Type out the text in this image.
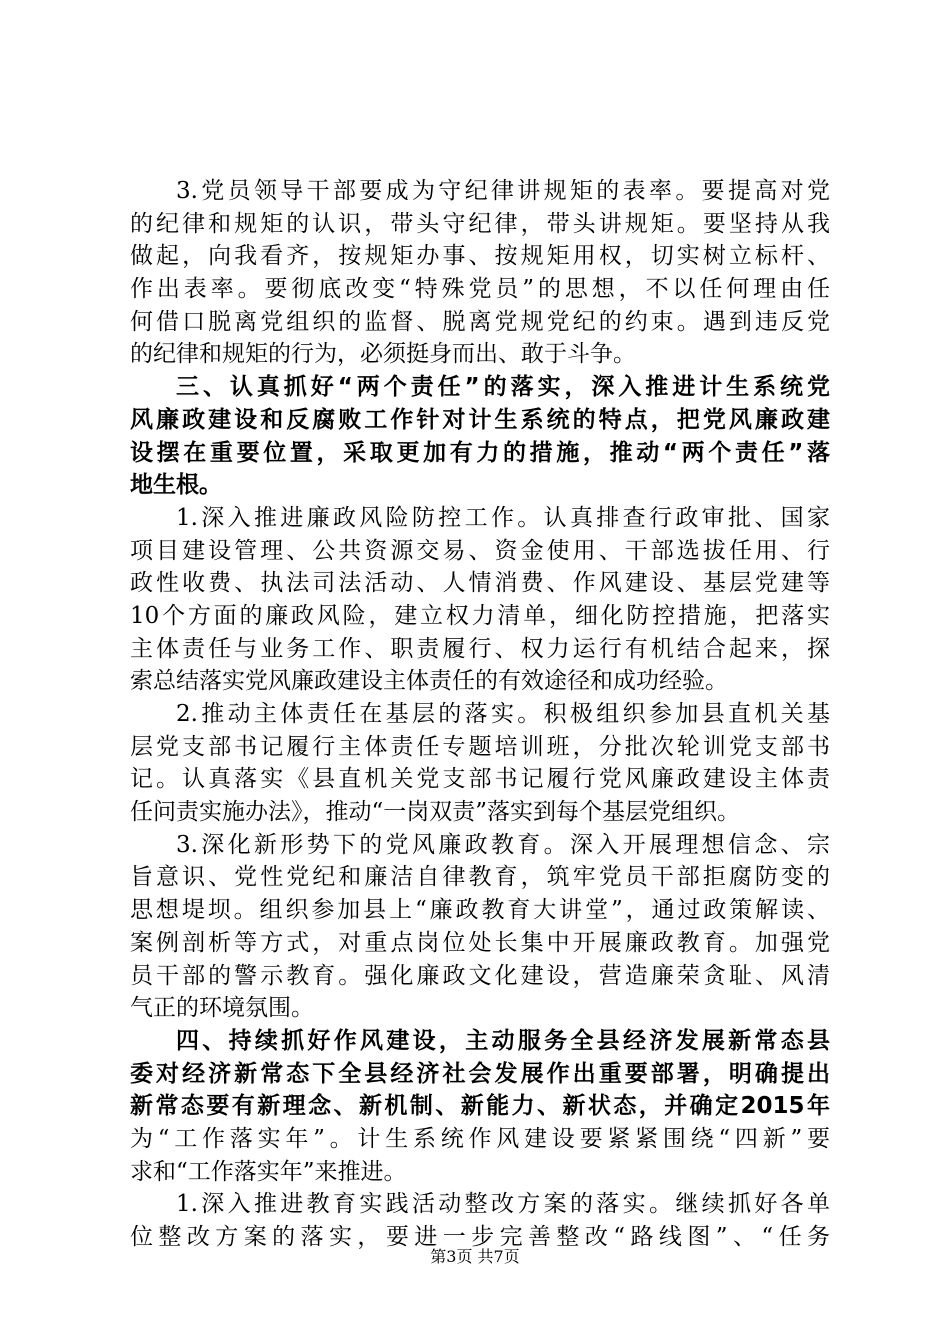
3.党员领导干部要成为守纪律讲规矩的表率。要提高对党
的纪律和规矩的认识，带头守纪律，带头讲规矩。要坚持从我
做起，向我看齐，按规矩办事、按规矩用权，切实树立标杆、
作出表率。要彻底改变“特殊党员”的思想，不以任何理由任
何借口脱离党组织的监督、脱离党规党纪的约束。遇到违反党
的纪律和规矩的行为，必须挺身而出、敢于斗争。
三、认真抓好“两个责任”的落实，深入推进计生系统党
风廉政建设和反腐败工作针对计生系统的特点，把党风廉政建
设摆在重要位置，采取更加有力的措施，推动“两个责任”落
地生根。
1.深入推进廉政风险防控工作。认真排查行政审批、国家
项目建设管理、公共资源交易、资金使用、干部选拔任用、行
政性收费、执法司法活动、人情消费、作风建设、基层党建等
10个方面的廉政风险，建立权力清单，细化防控措施，把落实
主体责任与业务工作、职责履行、权力运行有机结合起来，探
索总结落实党风廉政建设主体责任的有效途径和成功经验。
2.推动主体责任在基层的落实。积极组织参加县直机关基
层党支部书记履行主体责任专题培训班，分批次轮训党支部书
记。认真落实《县直机关党支部书记履行党风廉政建设主体责
任问责实施办法》，推动“一岗双责”落实到每个基层党组织。
3.深化新形势下的党风廉政教育。深入开展理想信念、宗
旨意识、党性党纪和廉洁自律教育，筑牢党员干部拒腐防变的
思想堤坝。组织参加县上“廉政教育大讲堂”，通过政策解读、
案例剖析等方式，对重点岗位处长集中开展廉政教育。加强党
员干部的警示教育。强化廉政文化建设，营造廉荣贪耻、风清
气正的环境氛围。
四、持续抓好作风建设，主动服务全县经济发展新常态县
委对经济新常态下全县经济社会发展作出重要部署，明确提出
新常态要有新理念、新机制、新能力、新状态，并确定2015年
为“工作落实年”。计生系统作风建设要紧紧围绕“四新”要
求和“工作落实年”来推进。
1.深入推进教育实践活动整改方案的落实。继续抓好各单
位整改方案的落实，要进一步完善整改“路线图”、“任务
第3页 共7页
